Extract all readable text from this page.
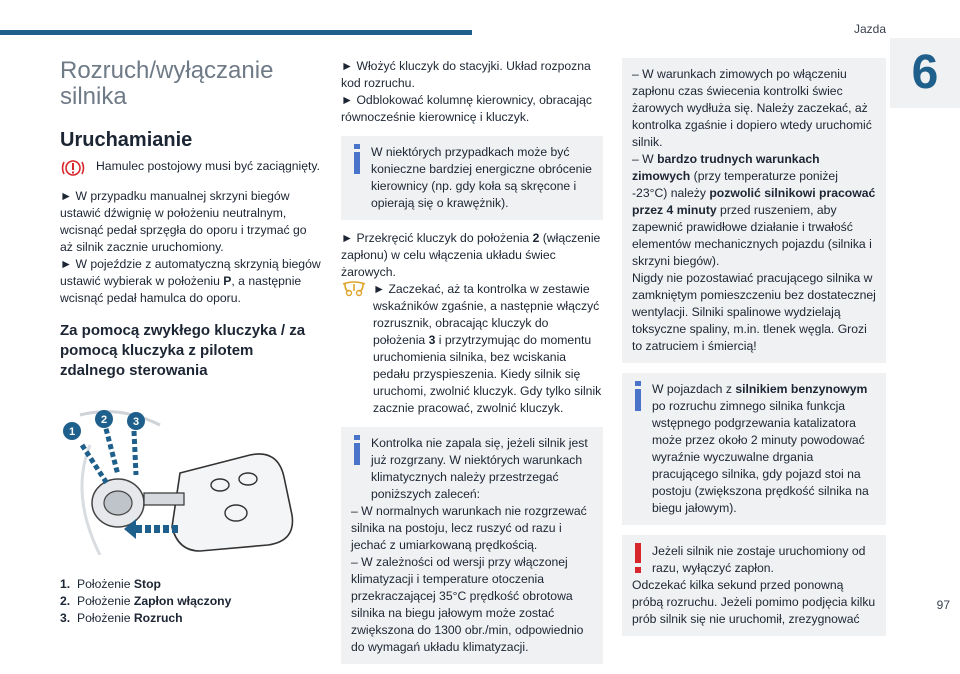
Jazda
6
97
Rozruch/wyłączanie silnika
Uruchamianie

Hamulec postojowy musi być zaciągnięty.

► W przypadku manualnej skrzyni biegów ustawić dźwignię w położeniu neutralnym, wcisnąć pedał sprzęgła do oporu i trzymać go aż silnik zacznie uruchomiony.

► W pojeździe z automatyczną skrzynią biegów ustawić wybierak w położeniu P, a następnie wcisnąć pedał hamulca do oporu.

Za pomocą zwykłego kluczyka / za pomocą kluczyka z pilotem zdalnego sterowania
1
2 3
1. Położenie Stop
2. Położenie Zapłon włączony
3. Położenie Rozruch

► Włożyć kluczyk do stacyjki. Układ rozpozna kod rozruchu.

► Odblokować kolumnę kierownicy, obracając równocześnie kierownicę i kluczyk.

W niektórych przypadkach może być konieczne bardziej energiczne obrócenie kierownicy (np. gdy koła są skręcone i opierają się o krawężnik).

► Przekręcić kluczyk do położenia 2 (włączenie zapłonu) w celu włączenia układu świec żarowych.

► Zaczekać, aż ta kontrolka w zestawie wskaźników zgaśnie, a następnie włączyć rozrusznik, obracając kluczyk do położenia 3 i przytrzymując do momentu uruchomienia silnika, bez wciskania pedału przyspieszenia. Kiedy silnik się uruchomi, zwolnić kluczyk. Gdy tylko silnik zacznie pracować, zwolnić kluczyk.

Kontrolka nie zapala się, jeżeli silnik jest już rozgrzany. W niektórych warunkach klimatycznych należy przestrzegać poniższych zaleceń:

– W normalnych warunkach nie rozgrzewać silnika na postoju, lecz ruszyć od razu i jechać z umiarkowaną prędkością.

– W zależności od wersji przy włączonej klimatyzacji i temperature otoczenia przekraczającej 35°C prędkość obrotowa silnika na biegu jałowym może zostać zwiększona do 1300 obr./min, odpowiednio do wymagań układu klimatyzacji.

– W warunkach zimowych po włączeniu zapłonu czas świecenia kontrolki świec żarowych wydłuża się. Należy zaczekać, aż kontrolka zgaśnie i dopiero wtedy uruchomić silnik.

– W bardzo trudnych warunkach zimowych (przy temperaturze poniżej -23°C) należy pozwolić silnikowi pracować przez 4 minuty przed ruszeniem, aby zapewnić prawidłowe działanie i trwałość elementów mechanicznych pojazdu (silnika i skrzyni biegów).

Nigdy nie pozostawiać pracującego silnika w zamkniętym pomieszczeniu bez dostatecznej wentylacji. Silniki spalinowe wydzielają toksyczne spaliny, m.in. tlenek węgla. Grozi to zatruciem i śmiercią!

W pojazdach z silnikiem benzynowym po rozruchu zimnego silnika funkcja wstępnego podgrzewania katalizatora może przez około 2 minuty powodować wyraźnie wyczuwalne drgania pracującego silnika, gdy pojazd stoi na postoju (zwiększona prędkość silnika na biegu jałowym).

Jeżeli silnik nie zostaje uruchomiony od razu, wyłączyć zapłon.

Odczekać kilka sekund przed ponowną próbą rozruchu. Jeżeli pomimo podjęcia kilku prób silnik się nie uruchomił, zrezygnować
